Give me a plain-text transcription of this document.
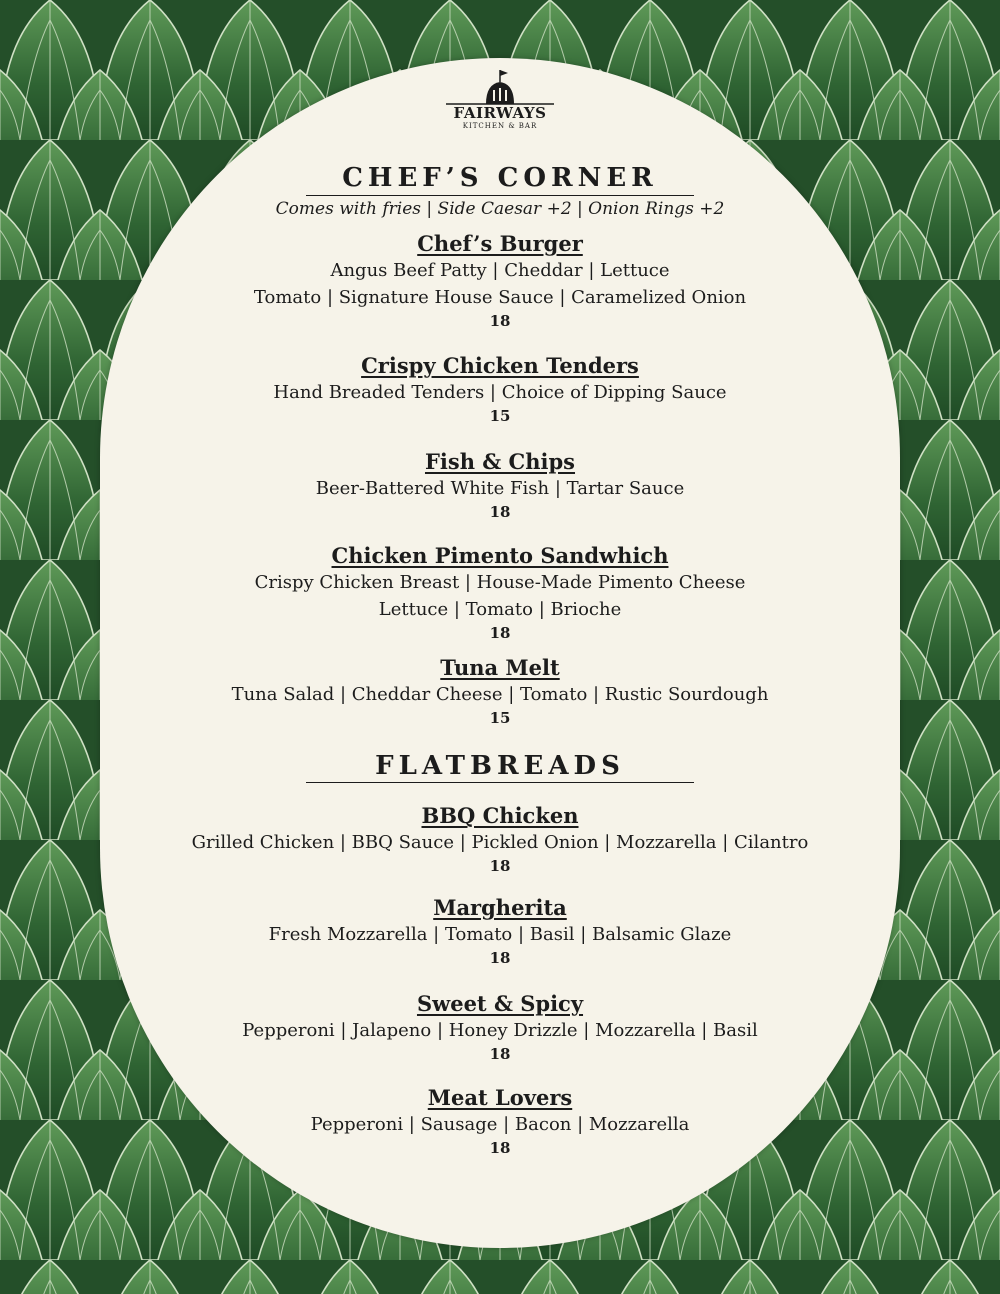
FAIRWAYS
KITCHEN & BAR
CHEF’S CORNER
Comes with fries | Side Caesar +2 | Onion Rings +2
Chef’s Burger
Angus Beef Patty | Cheddar | Lettuce
Tomato | Signature House Sauce | Caramelized Onion
18
Crispy Chicken Tenders
Hand Breaded Tenders | Choice of Dipping Sauce
15
Fish & Chips
Beer-Battered White Fish | Tartar Sauce
18
Chicken Pimento Sandwhich
Crispy Chicken Breast | House-Made Pimento Cheese
Lettuce | Tomato | Brioche
18
Tuna Melt
Tuna Salad | Cheddar Cheese | Tomato | Rustic Sourdough
15
FLATBREADS
BBQ Chicken
Grilled Chicken | BBQ Sauce | Pickled Onion | Mozzarella | Cilantro
18
Margherita
Fresh Mozzarella | Tomato | Basil | Balsamic Glaze
18
Sweet & Spicy
Pepperoni | Jalapeno | Honey Drizzle | Mozzarella | Basil
18
Meat Lovers
Pepperoni | Sausage | Bacon | Mozzarella
18
